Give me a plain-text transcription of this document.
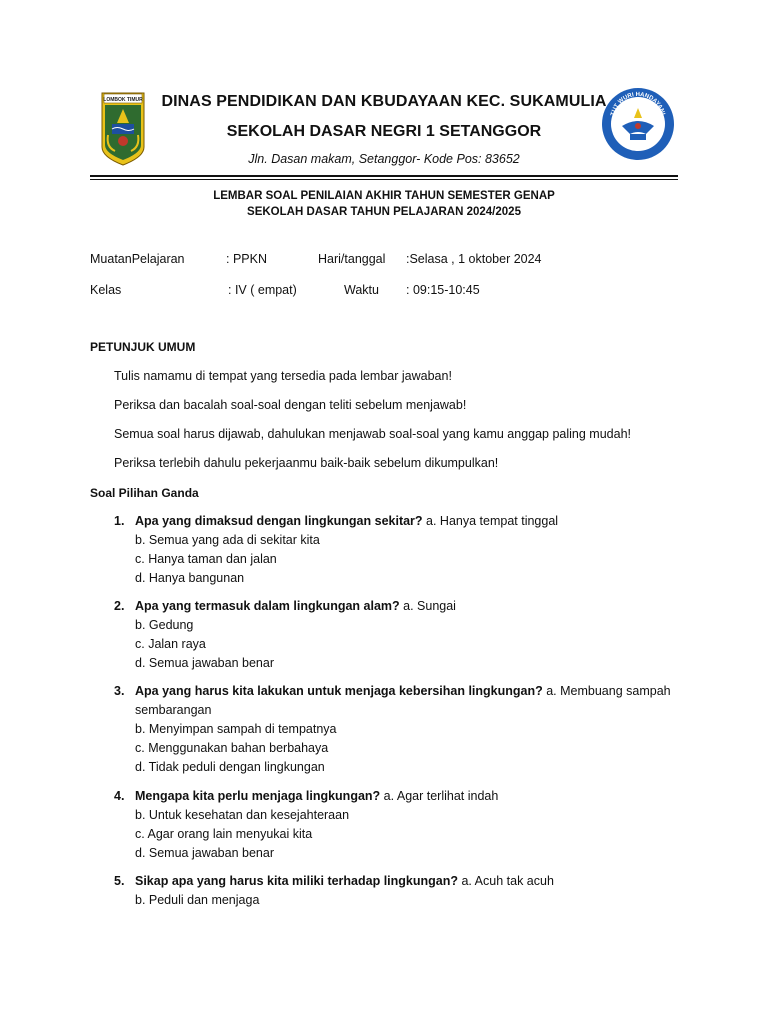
LOMBOK TIMUR
TUT WURI HANDAYANI
DINAS PENDIDIKAN DAN KBUDAYAAN KEC. SUKAMULIA
SEKOLAH DASAR NEGRI 1 SETANGGOR
Jln. Dasan makam, Setanggor- Kode Pos: 83652
LEMBAR SOAL PENILAIAN AKHIR TAHUN SEMESTER GENAP
SEKOLAH DASAR TAHUN PELAJARAN 2024/2025
MuatanPelajaran	: PPKN	Hari/tanggal :Selasa , 1 oktober 2024
Kelas	: IV ( empat)	Waktu : 09:15-10:45
PETUNJUK UMUM
Tulis namamu di tempat yang tersedia pada lembar jawaban!
Periksa dan bacalah soal-soal dengan teliti sebelum menjawab!
Semua soal harus dijawab, dahulukan menjawab soal-soal yang kamu anggap paling mudah!
Periksa terlebih dahulu pekerjaanmu baik-baik sebelum dikumpulkan!
Soal Pilihan Ganda
1. Apa yang dimaksud dengan lingkungan sekitar? a. Hanya tempat tinggal
b. Semua yang ada di sekitar kita
c. Hanya taman dan jalan
d. Hanya bangunan
2. Apa yang termasuk dalam lingkungan alam? a. Sungai
b. Gedung
c. Jalan raya
d. Semua jawaban benar
3. Apa yang harus kita lakukan untuk menjaga kebersihan lingkungan? a. Membuang sampah sembarangan
b. Menyimpan sampah di tempatnya
c. Menggunakan bahan berbahaya
d. Tidak peduli dengan lingkungan
4. Mengapa kita perlu menjaga lingkungan? a. Agar terlihat indah
b. Untuk kesehatan dan kesejahteraan
c. Agar orang lain menyukai kita
d. Semua jawaban benar
5. Sikap apa yang harus kita miliki terhadap lingkungan? a. Acuh tak acuh
b. Peduli dan menjaga
